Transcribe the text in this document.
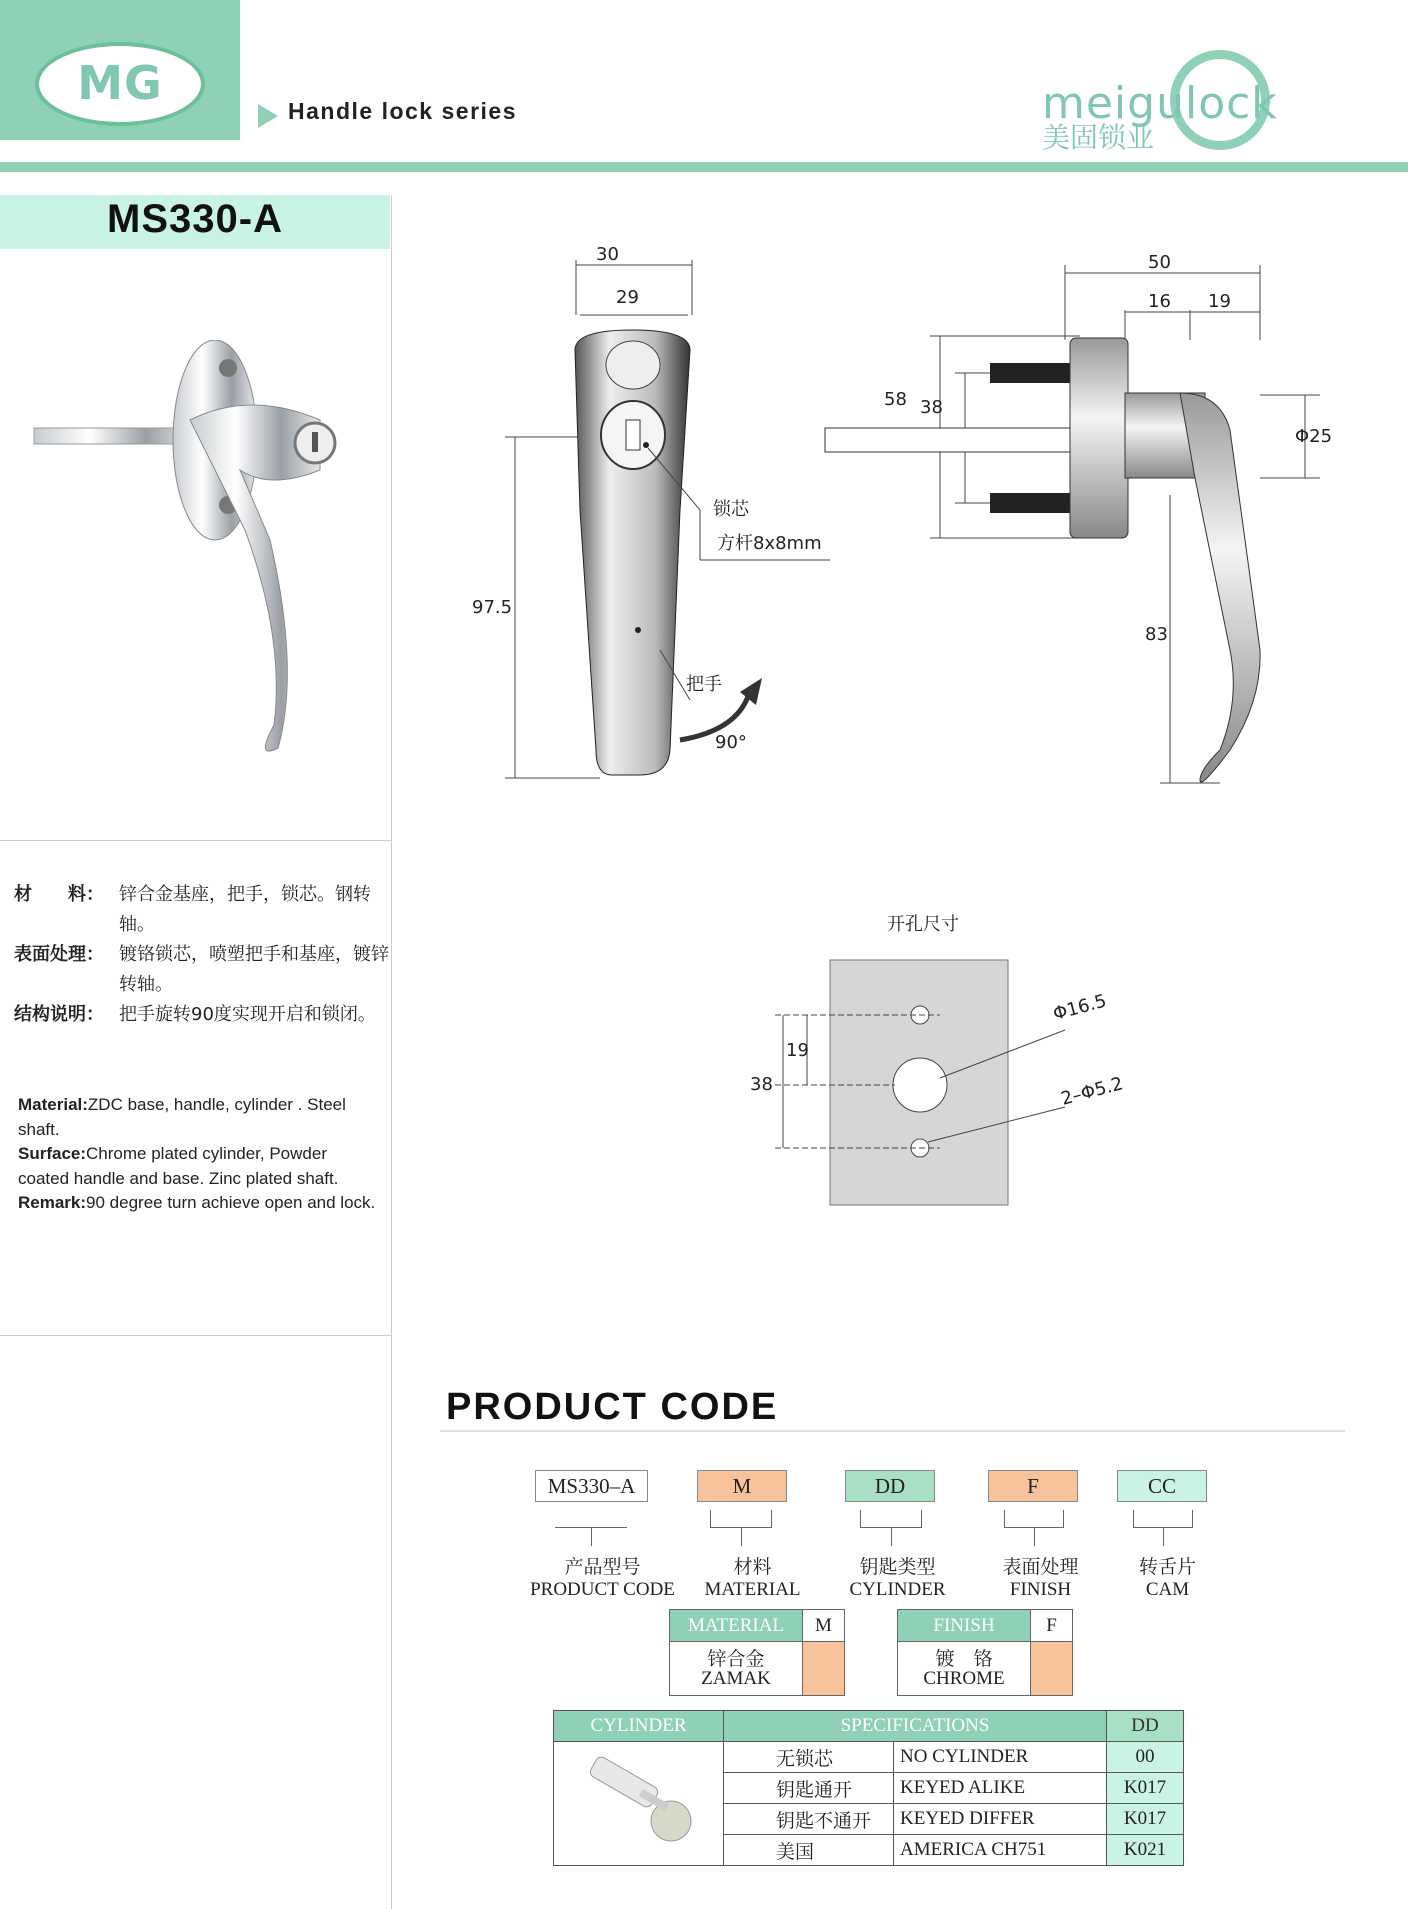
MG
Handle lock series	meigulock
美固锁业
MS330-A
材　　料： 锌合金基座，把手，锁芯。钢转轴。
表面处理： 镀铬锁芯，喷塑把手和基座，镀锌转轴。
结构说明： 把手旋转90度实现开启和锁闭。
Material:ZDC base, handle, cylinder . Steel shaft.
Surface:Chrome plated cylinder, Powder coated handle and base. Zinc plated shaft.
Remark:90 degree turn achieve open and lock.
30
29
97.5
锁芯
方杆8x8mm
把手
90°
50
16 19
58 38
Φ25
83
开孔尺寸
Φ16.5
2–Φ5.2
19
38
PRODUCT CODE
MS330–A	M	DD	F	CC
产品型号
PRODUCT CODE
材料
MATERIAL
钥匙类型
CYLINDER
表面处理
FINISH
转舌片
CAM
MATERIAL	M

锌合金
ZAMAK	

FINISH	F

镀　铬
CHROME	

CYLINDER	SPECIFICATIONS		DD
	无锁芯	NO CYLINDER	00
	钥匙通开	KEYED ALIKE	K017
	钥匙不通开	KEYED DIFFER	K017
	美国	AMERICA CH751	K021
